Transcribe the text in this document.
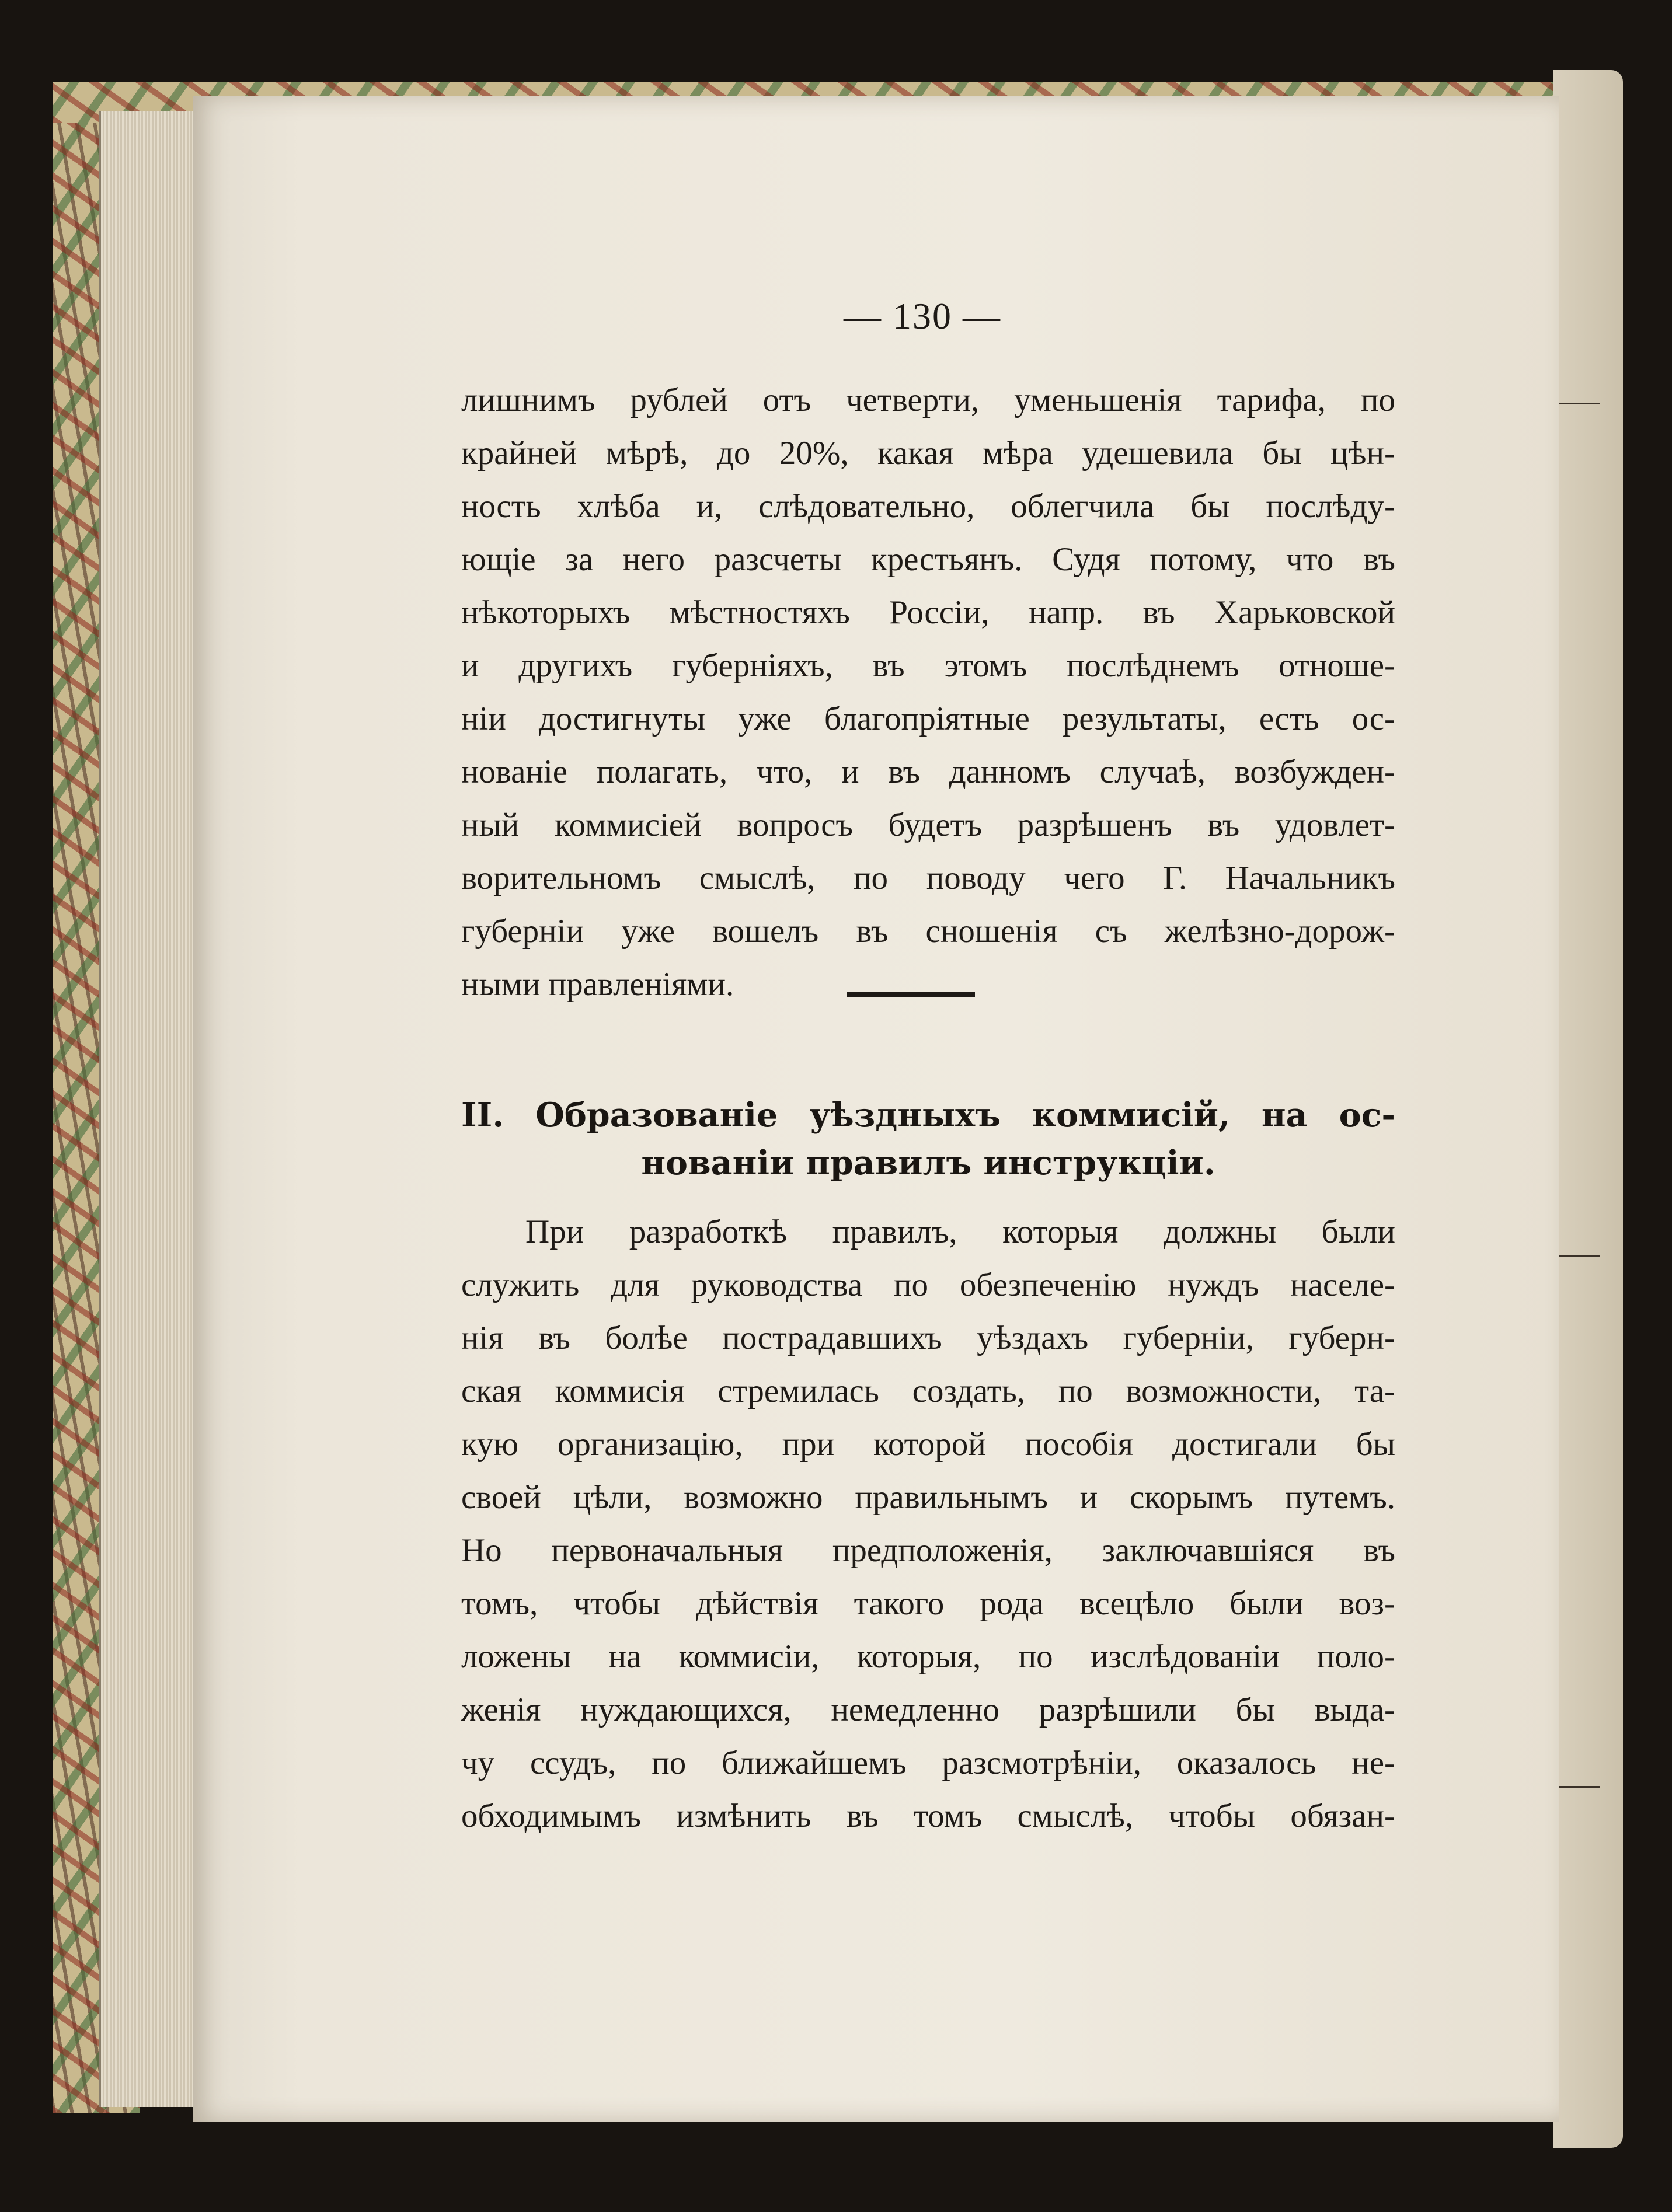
— 130 —
лишнимъ рублей отъ четверти, уменьшенія тарифа, по
крайней мѣрѣ, до 20%, какая мѣра удешевила бы цѣн-
ность хлѣба и, слѣдовательно, облегчила бы послѣду-
ющіе за него разсчеты крестьянъ. Судя потому, что въ
нѣкоторыхъ мѣстностяхъ Россіи, напр. въ Харьковской
и другихъ губерніяхъ, въ этомъ послѣднемъ отноше-
ніи достигнуты уже благопріятные результаты, есть ос-
нованіе полагать, что, и въ данномъ случаѣ, возбужден-
ный коммисіей вопросъ будетъ разрѣшенъ въ удовлет-
ворительномъ смыслѣ, по поводу чего Г. Начальникъ
губерніи уже вошелъ въ сношенія съ желѣзно-дорож-
ными правленіями.
II. Образованіе уѣздныхъ коммисій, на ос-
нованіи правилъ инструкціи.
При разработкѣ правилъ, которыя должны были
служить для руководства по обезпеченію нуждъ населе-
нія въ болѣе пострадавшихъ уѣздахъ губерніи, губерн-
ская коммисія стремилась создать, по возможности, та-
кую организацію, при которой пособія достигали бы
своей цѣли, возможно правильнымъ и скорымъ путемъ.
Но первоначальныя предположенія, заключавшіяся въ
томъ, чтобы дѣйствія такого рода всецѣло были воз-
ложены на коммисіи, которыя, по изслѣдованіи поло-
женія нуждающихся, немедленно разрѣшили бы выда-
чу ссудъ, по ближайшемъ разсмотрѣніи, оказалось не-
обходимымъ измѣнить въ томъ смыслѣ, чтобы обязан-
